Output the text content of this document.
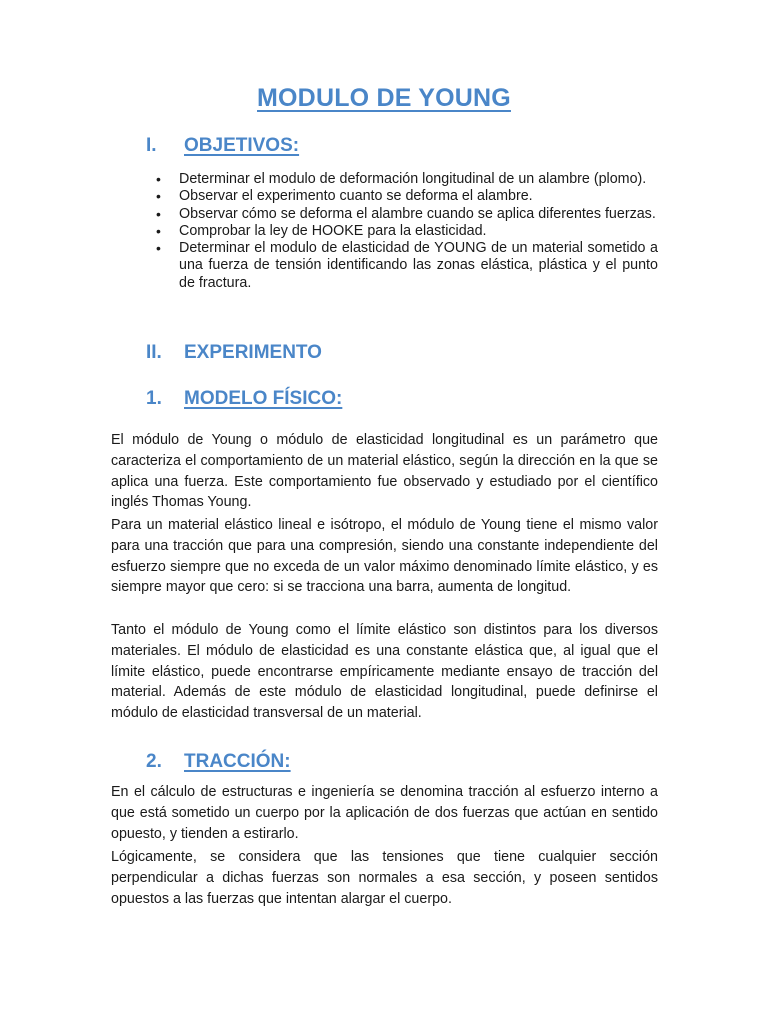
MODULO DE YOUNG
I. OBJETIVOS:
• Determinar el modulo de deformación longitudinal de un alambre (plomo).
• Observar el experimento cuanto se deforma el alambre.
• Observar cómo se deforma el alambre cuando se aplica diferentes fuerzas.
• Comprobar la ley de HOOKE para la elasticidad.
• Determinar el modulo de elasticidad de YOUNG de un material sometido a una fuerza de tensión identificando las zonas elástica, plástica y el punto de fractura.
II. EXPERIMENTO
1. MODELO FÍSICO:

El módulo de Young o módulo de elasticidad longitudinal es un parámetro que caracteriza el comportamiento de un material elástico, según la dirección en la que se aplica una fuerza. Este comportamiento fue observado y estudiado por el científico inglés Thomas Young.

Para un material elástico lineal e isótropo, el módulo de Young tiene el mismo valor para una tracción que para una compresión, siendo una constante independiente del esfuerzo siempre que no exceda de un valor máximo denominado límite elástico, y es siempre mayor que cero: si se tracciona una barra, aumenta de longitud.

Tanto el módulo de Young como el límite elástico son distintos para los diversos materiales. El módulo de elasticidad es una constante elástica que, al igual que el límite elástico, puede encontrarse empíricamente mediante ensayo de tracción del material. Además de este módulo de elasticidad longitudinal, puede definirse el módulo de elasticidad transversal de un material.

2. TRACCIÓN:

En el cálculo de estructuras e ingeniería se denomina tracción al esfuerzo interno a que está sometido un cuerpo por la aplicación de dos fuerzas que actúan en sentido opuesto, y tienden a estirarlo.

Lógicamente, se considera que las tensiones que tiene cualquier sección perpendicular a dichas fuerzas son normales a esa sección, y poseen sentidos opuestos a las fuerzas que intentan alargar el cuerpo.
